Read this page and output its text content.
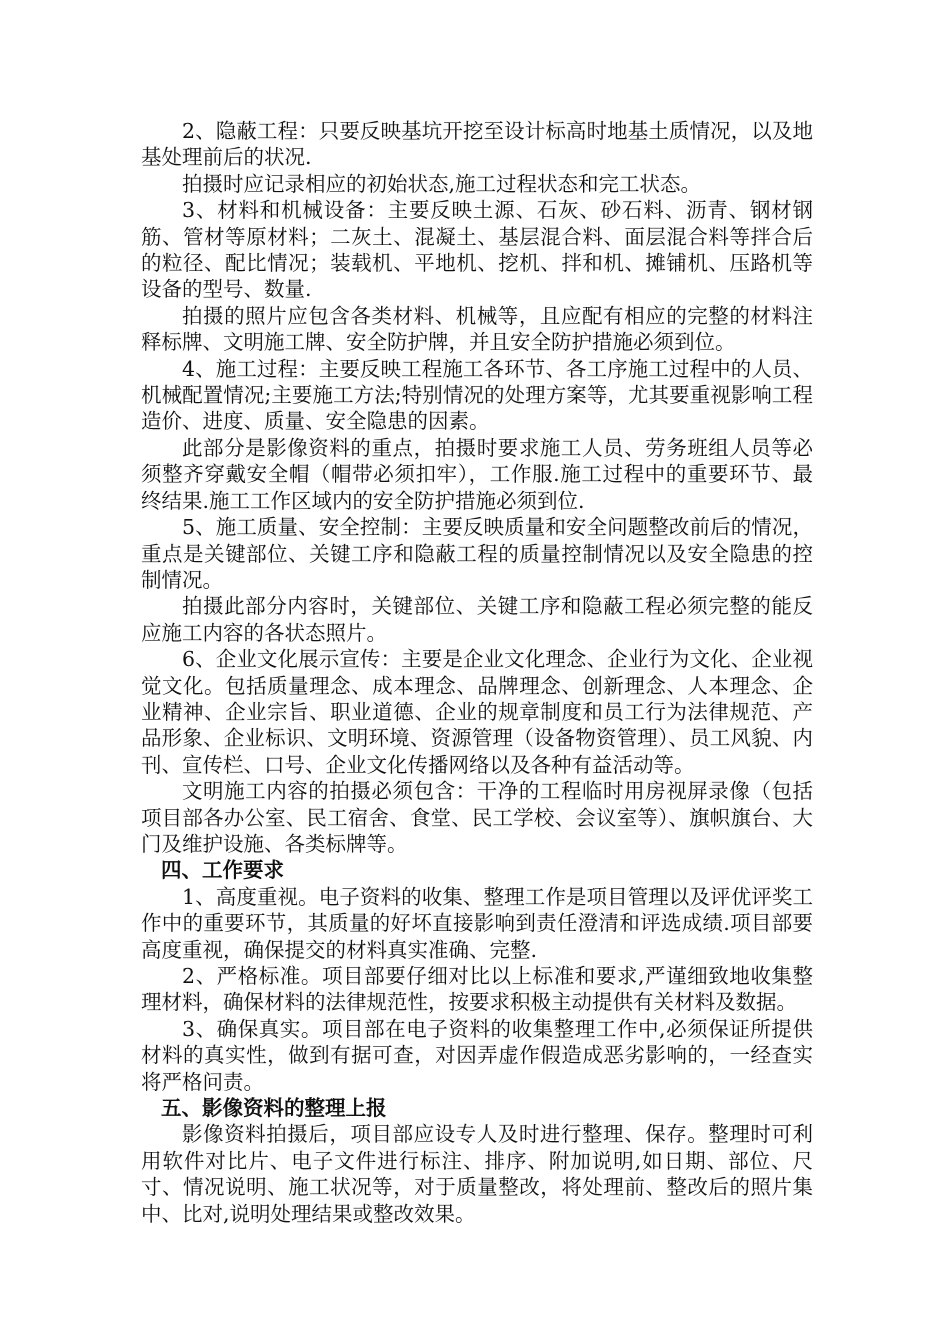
2、隐蔽工程：只要反映基坑开挖至设计标高时地基土质情况，以及地基处理前后的状况.

拍摄时应记录相应的初始状态,施工过程状态和完工状态。

3、材料和机械设备：主要反映土源、石灰、砂石料、沥青、钢材钢筋、管材等原材料；二灰土、混凝土、基层混合料、面层混合料等拌合后的粒径、配比情况；装载机、平地机、挖机、拌和机、摊铺机、压路机等设备的型号、数量.

拍摄的照片应包含各类材料、机械等，且应配有相应的完整的材料注释标牌、文明施工牌、安全防护牌，并且安全防护措施必须到位。

4、施工过程：主要反映工程施工各环节、各工序施工过程中的人员、机械配置情况;主要施工方法;特别情况的处理方案等，尤其要重视影响工程造价、进度、质量、安全隐患的因素。

此部分是影像资料的重点，拍摄时要求施工人员、劳务班组人员等必须整齐穿戴安全帽（帽带必须扣牢），工作服.施工过程中的重要环节、最终结果.施工工作区域内的安全防护措施必须到位.

5、施工质量、安全控制：主要反映质量和安全问题整改前后的情况，重点是关键部位、关键工序和隐蔽工程的质量控制情况以及安全隐患的控制情况。

拍摄此部分内容时，关键部位、关键工序和隐蔽工程必须完整的能反应施工内容的各状态照片。

6、企业文化展示宣传：主要是企业文化理念、企业行为文化、企业视觉文化。包括质量理念、成本理念、品牌理念、创新理念、人本理念、企业精神、企业宗旨、职业道德、企业的规章制度和员工行为法律规范、产品形象、企业标识、文明环境、资源管理（设备物资管理）、员工风貌、内刊、宣传栏、口号、企业文化传播网络以及各种有益活动等。

文明施工内容的拍摄必须包含：干净的工程临时用房视屏录像（包括项目部各办公室、民工宿舍、食堂、民工学校、会议室等）、旗帜旗台、大门及维护设施、各类标牌等。

四、工作要求

1、高度重视。电子资料的收集、整理工作是项目管理以及评优评奖工作中的重要环节，其质量的好坏直接影响到责任澄清和评选成绩.项目部要高度重视，确保提交的材料真实准确、完整.

2、严格标准。项目部要仔细对比以上标准和要求,严谨细致地收集整理材料，确保材料的法律规范性，按要求积极主动提供有关材料及数据。

3、确保真实。项目部在电子资料的收集整理工作中,必须保证所提供材料的真实性，做到有据可查，对因弄虚作假造成恶劣影响的，一经查实将严格问责。

五、影像资料的整理上报

影像资料拍摄后，项目部应设专人及时进行整理、保存。整理时可利用软件对比片、电子文件进行标注、排序、附加说明,如日期、部位、尺寸、情况说明、施工状况等，对于质量整改，将处理前、整改后的照片集中、比对,说明处理结果或整改效果。
